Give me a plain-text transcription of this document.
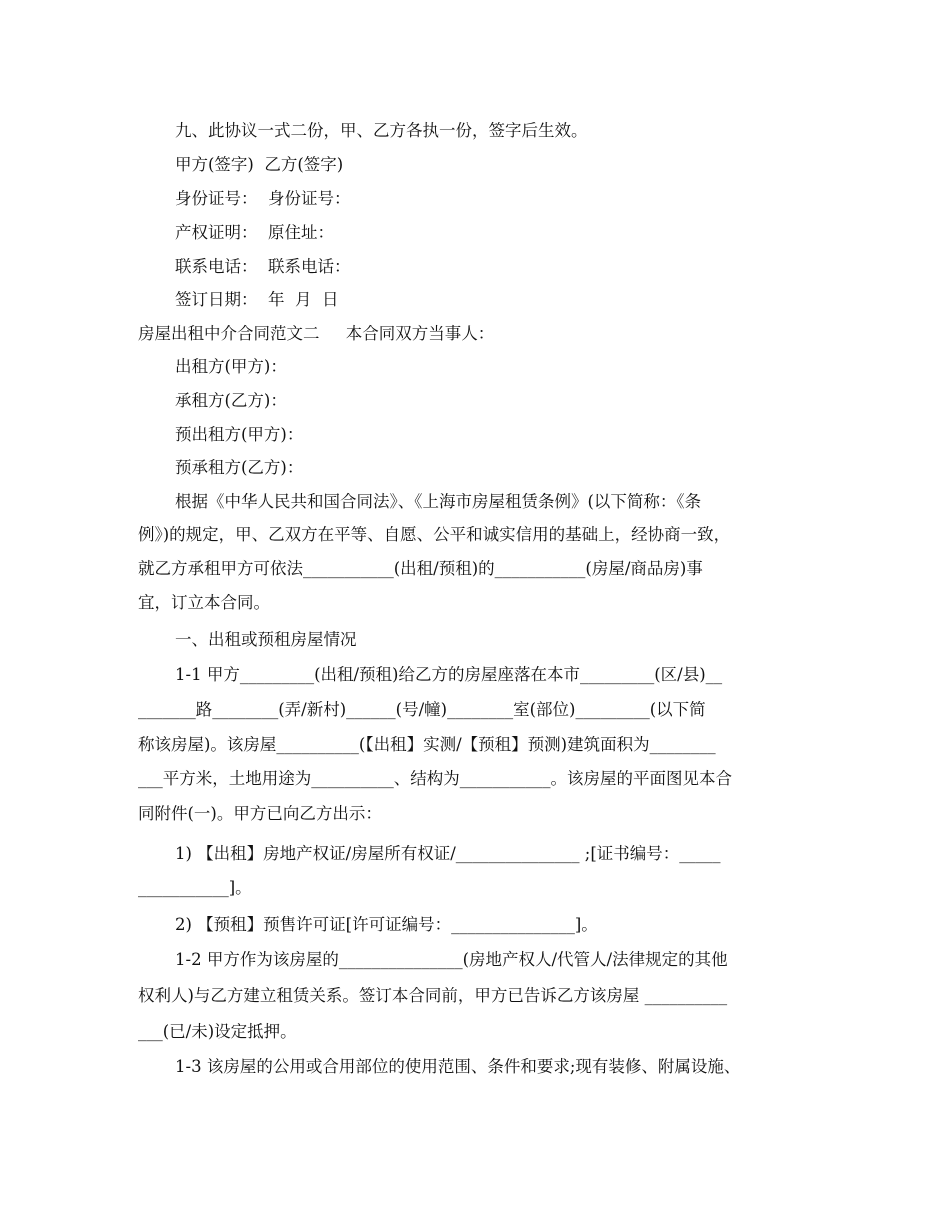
九、此协议一式二份，甲、乙方各执一份，签字后生效。
甲方(签字)  乙方(签字)
身份证号：  身份证号：
产权证明：  原住址：
联系电话：  联系电话：
签订日期：  年  月  日
房屋出租中介合同范文二     本合同双方当事人：
出租方(甲方)：
承租方(乙方)：
预出租方(甲方)：
预承租方(乙方)：
根据《中华人民共和国合同法》、《上海市房屋租赁条例》(以下简称：《条
例》)的规定，甲、乙双方在平等、自愿、公平和诚实信用的基础上，经协商一致，
就乙方承租甲方可依法___________(出租/预租)的___________(房屋/商品房)事
宜，订立本合同。
一、出租或预租房屋情况
1-1 甲方_________(出租/预租)给乙方的房屋座落在本市_________(区/县)__
_______路________(弄/新村)______(号/幢)________室(部位)_________(以下简
称该房屋)。该房屋__________(【出租】实测/【预租】预测)建筑面积为________
___平方米，土地用途为__________、结构为___________。该房屋的平面图见本合
同附件(一)。甲方已向乙方出示：
1) 【出租】房地产权证/房屋所有权证/_______________ ;[证书编号：_____
___________]。
2) 【预租】预售许可证[许可证编号：_______________]。
1-2 甲方作为该房屋的_______________(房地产权人/代管人/法律规定的其他
权利人)与乙方建立租赁关系。签订本合同前，甲方已告诉乙方该房屋 __________
___(已/未)设定抵押。
1-3 该房屋的公用或合用部位的使用范围、条件和要求;现有装修、附属设施、
